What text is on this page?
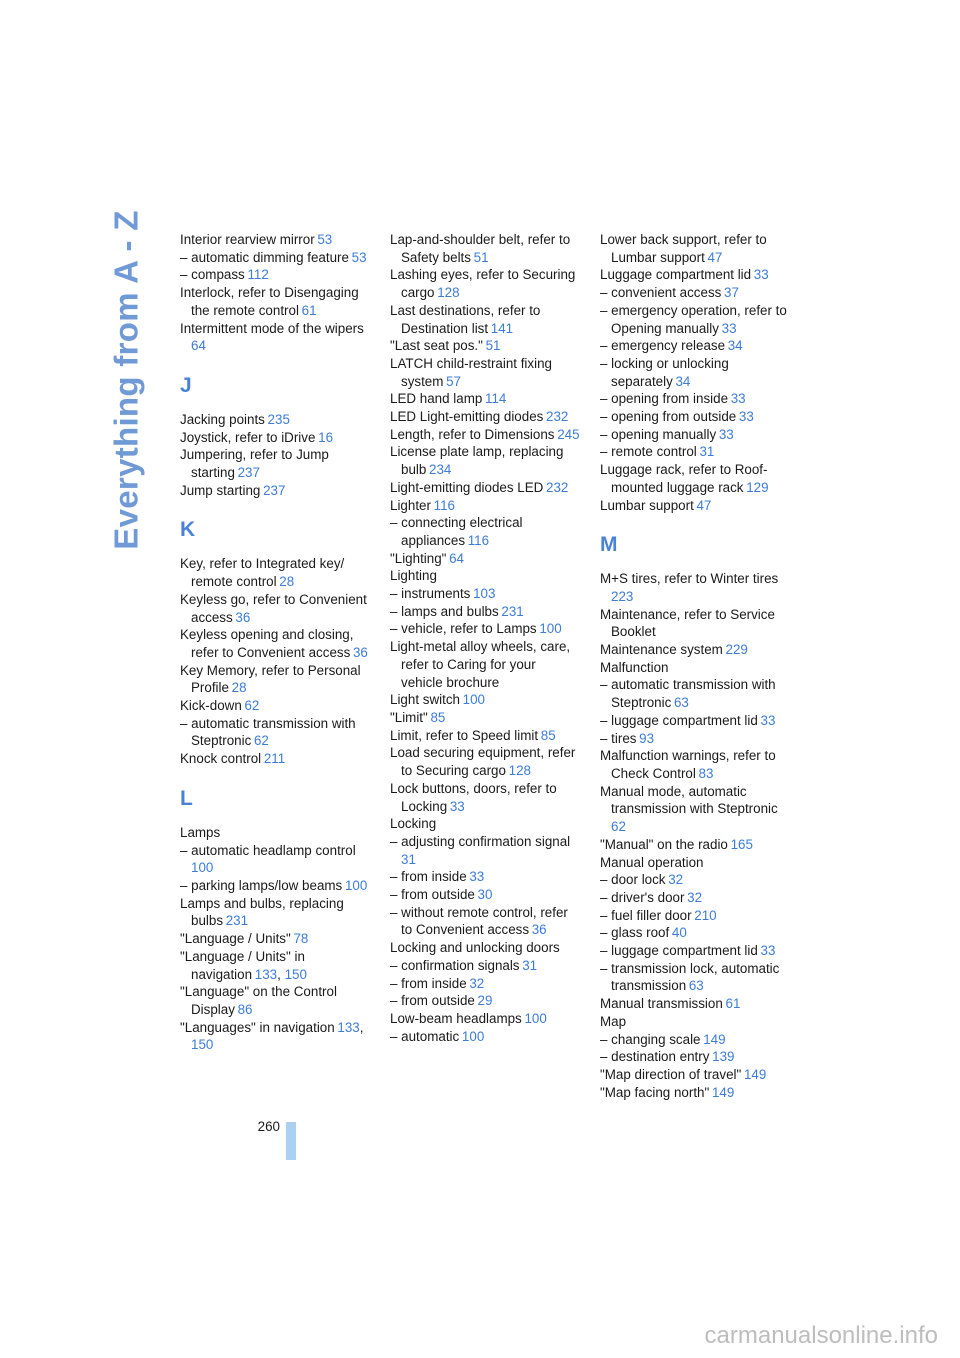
Everything from A - Z	Interior rearview mirror  53
– automatic dimming feature  53
– compass  112
Interlock, refer to Disengaging the remote control  61
Intermittent mode of the wipers 64
J
Jacking points  235
Joystick, refer to iDrive  16
Jumpering, refer to Jump starting  237
Jump starting  237
K
Key, refer to Integrated key/ remote control  28
Keyless go, refer to Convenient access  36
Keyless opening and closing, refer to Convenient access  36
Key Memory, refer to Personal Profile  28
Kick-down  62
– automatic transmission with Steptronic  62
Knock control  211
L
Lamps
– automatic headlamp control 100
– parking lamps/low beams  100
Lamps and bulbs, replacing bulbs  231
"Language / Units"  78
"Language / Units" in navigation  133, 150
"Language" on the Control Display  86
"Languages" in navigation  133, 150
Lap-and-shoulder belt, refer to Safety belts  51
Lashing eyes, refer to Securing cargo  128
Last destinations, refer to Destination list  141
"Last seat pos."  51
LATCH child-restraint fixing system  57
LED hand lamp  114
LED Light-emitting diodes  232
Length, refer to Dimensions  245
License plate lamp, replacing bulb  234
Light-emitting diodes LED  232
Lighter  116
– connecting electrical appliances  116
"Lighting"  64
Lighting
– instruments  103
– lamps and bulbs  231
– vehicle, refer to Lamps  100
Light-metal alloy wheels, care, refer to Caring for your vehicle brochure
Light switch  100
"Limit"  85
Limit, refer to Speed limit  85
Load securing equipment, refer to Securing cargo  128
Lock buttons, doors, refer to Locking  33
Locking
– adjusting confirmation signal 31
– from inside  33
– from outside  30
– without remote control, refer to Convenient access  36
Locking and unlocking doors
– confirmation signals  31
– from inside  32
– from outside  29
Low-beam headlamps  100
– automatic  100
Lower back support, refer to Lumbar support  47
Luggage compartment lid  33
– convenient access  37
– emergency operation, refer to Opening manually  33
– emergency release  34
– locking or unlocking separately  34
– opening from inside  33
– opening from outside  33
– opening manually  33
– remote control  31
Luggage rack, refer to Roof-mounted luggage rack  129
Lumbar support  47
M
M+S tires, refer to Winter tires 223
Maintenance, refer to Service Booklet
Maintenance system  229
Malfunction
– automatic transmission with Steptronic  63
– luggage compartment lid  33
– tires  93
Malfunction warnings, refer to Check Control  83
Manual mode, automatic transmission with Steptronic 62
"Manual" on the radio  165
Manual operation
– door lock  32
– driver's door  32
– fuel filler door  210
– glass roof  40
– luggage compartment lid  33
– transmission lock, automatic transmission  63
Manual transmission  61
Map
– changing scale  149
– destination entry  139
"Map direction of travel"  149
"Map facing north"  149
260
carmanualsonline.info
